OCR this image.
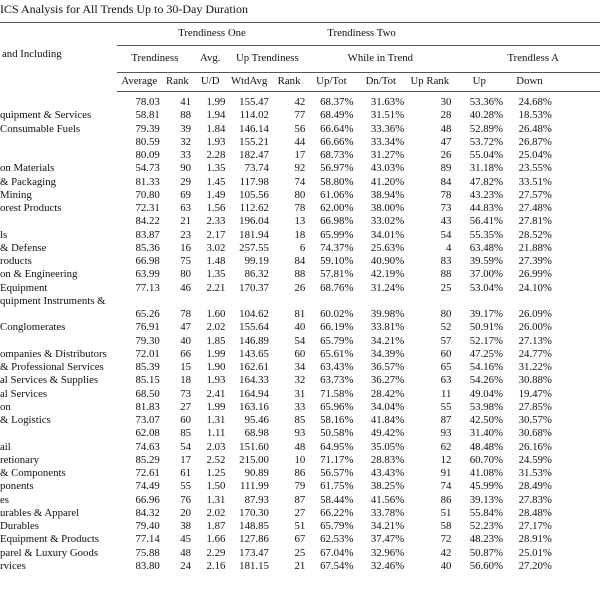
ICS Analysis for All Trends Up to 30-Day Duration
	Trendiness One					Trendiness Two					
and Including	Trendiness		Avg.	Up Trendiness		While in Trend			Trendless A		
	Average	Rank	U/D	WtdAvg	Rank	Up/Tot	Dn/Tot	Up Rank	Up	Down	
	78.03	41	1.99	155.47	42	68.37%	31.63%	30	53.36%	24.68%	
quipment & Services	58.81	88	1.94	114.02	77	68.49%	31.51%	28	40.28%	18.53%	
Consumable Fuels	79.39	39	1.84	146.14	56	66.64%	33.36%	48	52.89%	26.48%	
	80.59	32	1.93	155.21	44	66.66%	33.34%	47	53.72%	26.87%	
	80.09	33	2.28	182.47	17	68.73%	31.27%	26	55.04%	25.04%	
on Materials	54.73	90	1.35	73.74	92	56.97%	43.03%	89	31.18%	23.55%	
& Packaging	81.33	29	1.45	117.98	74	58.80%	41.20%	84	47.82%	33.51%	
Mining	70.80	69	1.49	105.56	80	61.06%	38.94%	78	43.23%	27.57%	
orest Products	72.31	63	1.56	112.62	78	62.00%	38.00%	73	44.83%	27.48%	
	84.22	21	2.33	196.04	13	66.98%	33.02%	43	56.41%	27.81%	
ls	83.87	23	2.17	181.94	18	65.99%	34.01%	54	55.35%	28.52%	
& Defense	85.36	16	3.02	257.55	6	74.37%	25.63%	4	63.48%	21.88%	
roducts	66.98	75	1.48	99.19	84	59.10%	40.90%	83	39.59%	27.39%	
on & Engineering	63.99	80	1.35	86.32	88	57.81%	42.19%	88	37.00%	26.99%	
Equipment	77.13	46	2.21	170.37	26	68.76%	31.24%	25	53.04%	24.10%	
quipment Instruments &											
	65.26	78	1.60	104.62	81	60.02%	39.98%	80	39.17%	26.09%	
Conglomerates	76.91	47	2.02	155.64	40	66.19%	33.81%	52	50.91%	26.00%	
	79.30	40	1.85	146.89	54	65.79%	34.21%	57	52.17%	27.13%	
ompanies & Distributors	72.01	66	1.99	143.65	60	65.61%	34.39%	60	47.25%	24.77%	
& Professional Services	85.39	15	1.90	162.61	34	63.43%	36.57%	65	54.16%	31.22%	
al Services & Supplies	85.15	18	1.93	164.33	32	63.73%	36.27%	63	54.26%	30.88%	
al Services	68.50	73	2.41	164.94	31	71.58%	28.42%	11	49.04%	19.47%	
on	81.83	27	1.99	163.16	33	65.96%	34.04%	55	53.98%	27.85%	
& Logistics	73.07	60	1.31	95.46	85	58.16%	41.84%	87	42.50%	30.57%	
	62.08	85	1.11	68.98	93	50.58%	49.42%	93	31.40%	30.68%	
ail	74.63	54	2.03	151.60	48	64.95%	35.05%	62	48.48%	26.16%	
retionary	85.29	17	2.52	215.00	10	71.17%	28.83%	12	60.70%	24.59%	
& Components	72.61	61	1.25	90.89	86	56.57%	43.43%	91	41.08%	31.53%	
ponents	74.49	55	1.50	111.99	79	61.75%	38.25%	74	45.99%	28.49%	
es	66.96	76	1.31	87.93	87	58.44%	41.56%	86	39.13%	27.83%	
urables & Apparel	84.32	20	2.02	170.30	27	66.22%	33.78%	51	55.84%	28.48%	
Durables	79.40	38	1.87	148.85	51	65.79%	34.21%	58	52.23%	27.17%	
Equipment & Products	77.14	45	1.66	127.86	67	62.53%	37.47%	72	48.23%	28.91%	
parel & Luxury Goods	75.88	48	2.29	173.47	25	67.04%	32.96%	42	50.87%	25.01%	
rvices	83.80	24	2.16	181.15	21	67.54%	32.46%	40	56.60%	27.20%	
